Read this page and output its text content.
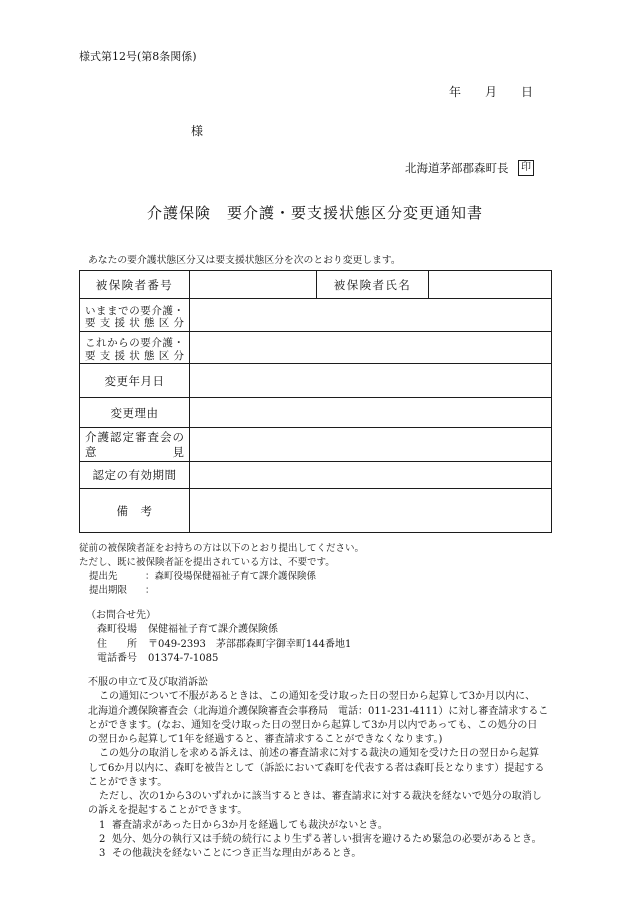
様式第12号(第8条関係)
年　　月　　日
様
北海道茅部郡森町長	印
介護保険　要介護・要支援状態区分変更通知書
あなたの要介護状態区分又は要支援状態区分を次のとおり変更します。
被保険者番号		被保険者氏名	

いままでの要介護・
要支援状態区分			

これからの要介護・
要支援状態区分			

変更年月日			
変更理由			

介護認定審査会の
意見			

認定の有効期間			
備　考			
従前の被保険者証をお持ちの方は以下のとおり提出してください。
ただし、既に被保険者証を提出されている方は、不要です。
提出先	：森町役場保健福祉子育て課介護保険係
提出期限 ：
（お問合せ先）
森町役場 保健福祉子育て課介護保険係
住　　所 〒049-2393　茅部郡森町字御幸町144番地1
電話番号 01374-7-1085
不服の申立て及び取消訴訟
この通知について不服があるときは、この通知を受け取った日の翌日から起算して3か月以内に、
北海道介護保険審査会（北海道介護保険審査会事務局　電話：011-231-4111）に対し審査請求するこ
とができます。(なお、通知を受け取った日の翌日から起算して3か月以内であっても、この処分の日
の翌日から起算して1年を経過すると、審査請求することができなくなります。)
この処分の取消しを求める訴えは、前述の審査請求に対する裁決の通知を受けた日の翌日から起算
して6か月以内に、森町を被告として（訴訟において森町を代表する者は森町長となります）提起する
ことができます。
ただし、次の1から3のいずれかに該当するときは、審査請求に対する裁決を経ないで処分の取消し
の訴えを提起することができます。
1 審査請求があった日から3か月を経過しても裁決がないとき。
2 処分、処分の執行又は手続の続行により生ずる著しい損害を避けるため緊急の必要があるとき。
3 その他裁決を経ないことにつき正当な理由があるとき。
